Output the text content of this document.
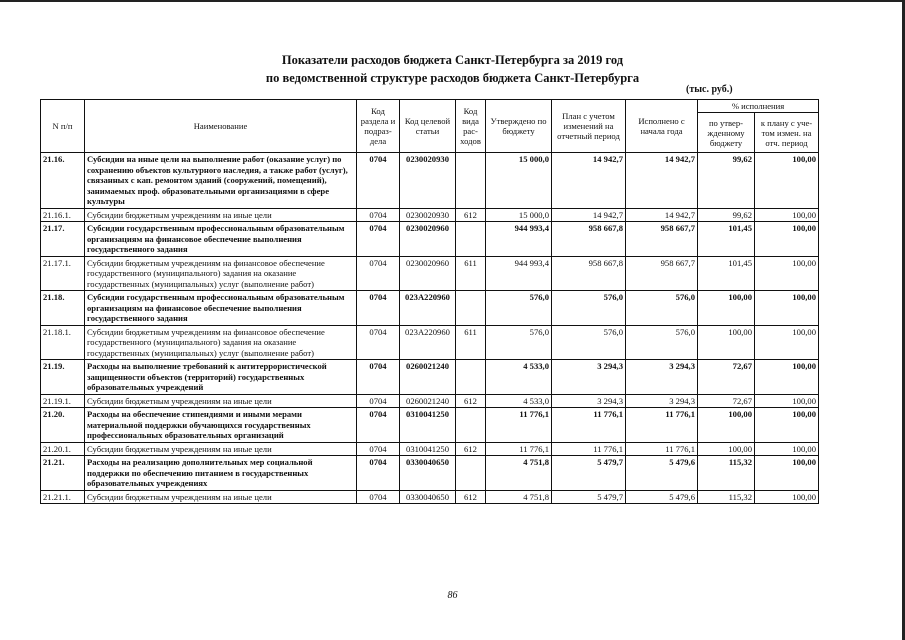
Показатели расходов бюджета Санкт-Петербурга за 2019 год
по ведомственной структуре расходов бюджета Санкт-Петербурга
(тыс. руб.)
N п/п	Наименование	Код раздела и подраз-дела	Код целевой статьи	Код вида рас-ходов	Утверждено по бюджету	План с учетом изменений на отчетный период	Исполнено с начала года	% исполнения	
								по утвер-жденному бюджету	к плану с уче-том измен. на отч. период
21.16.	Субсидии на иные цели на выполнение работ (оказание услуг) по сохранению объектов культурного наследия, а также работ (услуг), связанных с кап. ремонтом зданий (сооружений, помещений), занимаемых проф. образовательными организациями в сфере культуры	0704	0230020930		15 000,0	14 942,7	14 942,7	99,62	100,00
21.16.1.	Субсидии бюджетным учреждениям на иные цели	0704	0230020930	612	15 000,0	14 942,7	14 942,7	99,62	100,00
21.17.	Субсидии государственным профессиональным образовательным организациям на финансовое обеспечение выполнения государственного задания	0704	0230020960		944 993,4	958 667,8	958 667,7	101,45	100,00
21.17.1.	Субсидии бюджетным учреждениям на финансовое обеспечение государственного (муниципального) задания на оказание государственных (муниципальных) услуг (выполнение работ)	0704	0230020960	611	944 993,4	958 667,8	958 667,7	101,45	100,00
21.18.	Субсидии государственным профессиональным образовательным организациям на финансовое обеспечение выполнения государственного задания	0704	023А220960		576,0	576,0	576,0	100,00	100,00
21.18.1.	Субсидии бюджетным учреждениям на финансовое обеспечение государственного (муниципального) задания на оказание государственных (муниципальных) услуг (выполнение работ)	0704	023А220960	611	576,0	576,0	576,0	100,00	100,00
21.19.	Расходы на выполнение требований к антитеррористической защищенности объектов (территорий) государственных образовательных учреждений	0704	0260021240		4 533,0	3 294,3	3 294,3	72,67	100,00
21.19.1.	Субсидии бюджетным учреждениям на иные цели	0704	0260021240	612	4 533,0	3 294,3	3 294,3	72,67	100,00
21.20.	Расходы на обеспечение стипендиями и иными мерами материальной поддержки обучающихся государственных профессиональных образовательных организаций	0704	0310041250		11 776,1	11 776,1	11 776,1	100,00	100,00
21.20.1.	Субсидии бюджетным учреждениям на иные цели	0704	0310041250	612	11 776,1	11 776,1	11 776,1	100,00	100,00
21.21.	Расходы на реализацию дополнительных мер социальной поддержки по обеспечению питанием в государственных образовательных учреждениях	0704	0330040650		4 751,8	5 479,7	5 479,6	115,32	100,00
21.21.1.	Субсидии бюджетным учреждениям на иные цели	0704	0330040650	612	4 751,8	5 479,7	5 479,6	115,32	100,00
86
